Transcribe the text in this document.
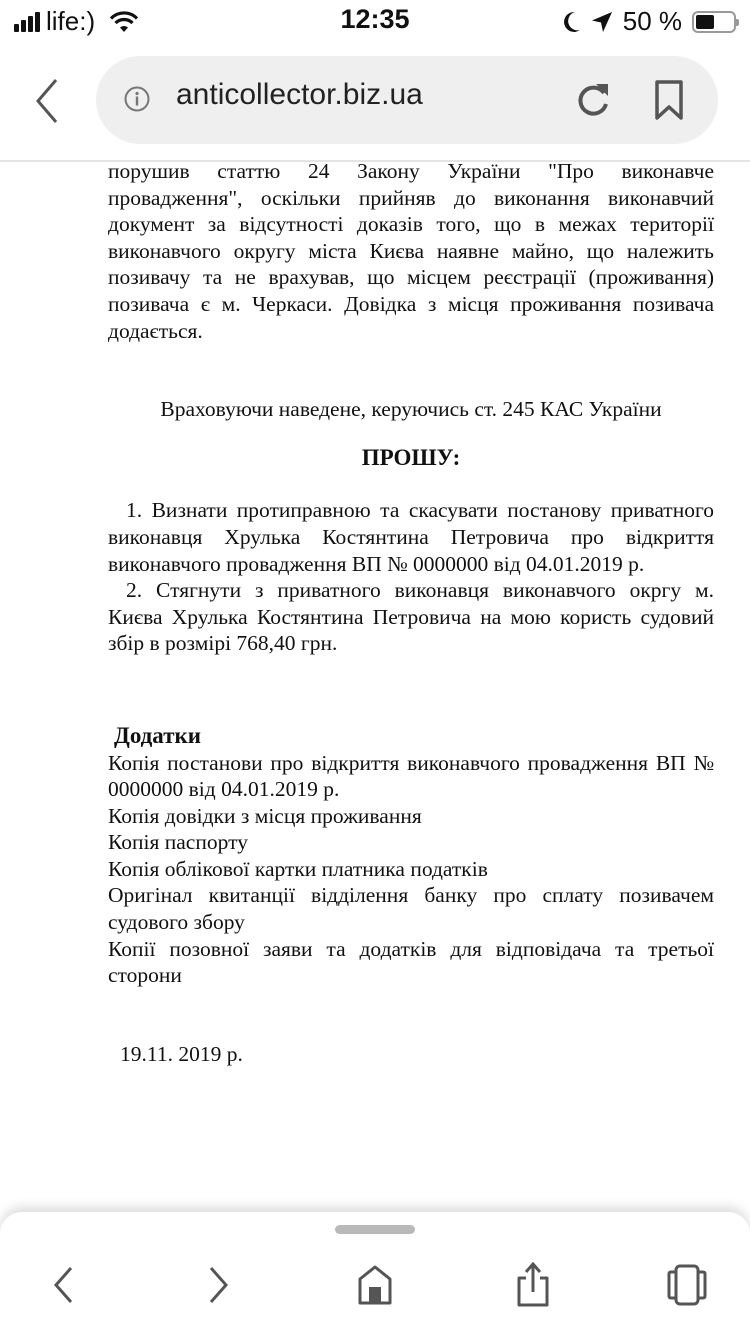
life:)	12:35	50 %
anticollector.biz.ua

порушив статтю 24 Закону України "Про виконавче провадження", оскільки прийняв до виконання виконавчий документ за відсутності доказів того, що в межах території виконавчого округу міста Києва наявне майно, що належить позивачу та не врахував, що місцем реєстрації (проживання) позивача є м. Черкаси. Довідка з місця проживання позивача додається.

Враховуючи наведене, керуючись ст. 245 КАС України

ПРОШУ:

1. Визнати протиправною та скасувати постанову приватного виконавця Хрулька Костянтина Петровича про відкриття виконавчого провадження ВП № 0000000 від 04.01.2019 р.

2. Стягнути з приватного виконавця виконавчого окргу м. Києва Хрулька Костянтина Петровича на мою користь судовий збір в розмірі 768,40 грн.

Додатки

Копія постанови про відкриття виконавчого провадження ВП № 0000000 від 04.01.2019 р.

Копія довідки з місця проживання

Копія паспорту

Копія облікової картки платника податків

Оригінал квитанції відділення банку про сплату позивачем судового збору

Копії позовної заяви та додатків для відповідача та третьої сторони

19.11. 2019 р.
